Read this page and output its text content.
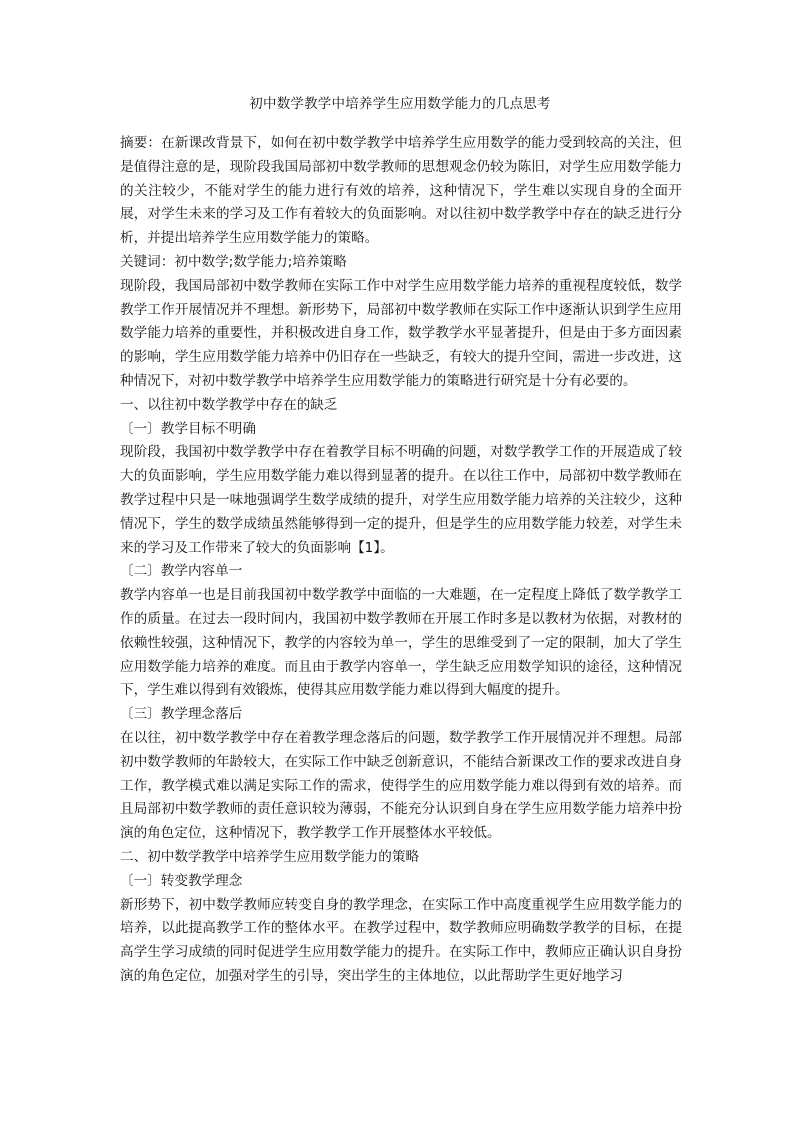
初中数学教学中培养学生应用数学能力的几点思考

摘要：在新课改背景下，如何在初中数学教学中培养学生应用数学的能力受到较高的关注，但是值得注意的是，现阶段我国局部初中数学教师的思想观念仍较为陈旧，对学生应用数学能力的关注较少，不能对学生的能力进行有效的培养，这种情况下，学生难以实现自身的全面开展，对学生未来的学习及工作有着较大的负面影响。对以往初中数学教学中存在的缺乏进行分析，并提出培养学生应用数学能力的策略。

关键词：初中数学;数学能力;培养策略

现阶段，我国局部初中数学教师在实际工作中对学生应用数学能力培养的重视程度较低，数学教学工作开展情况并不理想。新形势下，局部初中数学教师在实际工作中逐渐认识到学生应用数学能力培养的重要性，并积极改进自身工作，数学教学水平显著提升，但是由于多方面因素的影响，学生应用数学能力培养中仍旧存在一些缺乏，有较大的提升空间，需进一步改进，这种情况下，对初中数学教学中培养学生应用数学能力的策略进行研究是十分有必要的。

一、以往初中数学教学中存在的缺乏

〔一〕教学目标不明确

现阶段，我国初中数学教学中存在着教学目标不明确的问题，对数学教学工作的开展造成了较大的负面影响，学生应用数学能力难以得到显著的提升。在以往工作中，局部初中数学教师在教学过程中只是一味地强调学生数学成绩的提升，对学生应用数学能力培养的关注较少，这种情况下，学生的数学成绩虽然能够得到一定的提升，但是学生的应用数学能力较差，对学生未来的学习及工作带来了较大的负面影响【1】。

〔二〕教学内容单一

教学内容单一也是目前我国初中数学教学中面临的一大难题，在一定程度上降低了数学教学工作的质量。在过去一段时间内，我国初中数学教师在开展工作时多是以教材为依据，对教材的依赖性较强，这种情况下，教学的内容较为单一，学生的思维受到了一定的限制，加大了学生应用数学能力培养的难度。而且由于教学内容单一，学生缺乏应用数学知识的途径，这种情况下，学生难以得到有效锻炼，使得其应用数学能力难以得到大幅度的提升。

〔三〕教学理念落后

在以往，初中数学教学中存在着教学理念落后的问题，数学教学工作开展情况并不理想。局部初中数学教师的年龄较大，在实际工作中缺乏创新意识，不能结合新课改工作的要求改进自身工作，教学模式难以满足实际工作的需求，使得学生的应用数学能力难以得到有效的培养。而且局部初中数学教师的责任意识较为薄弱，不能充分认识到自身在学生应用数学能力培养中扮演的角色定位，这种情况下，教学教学工作开展整体水平较低。

二、初中数学教学中培养学生应用数学能力的策略

〔一〕转变教学理念

新形势下，初中数学教师应转变自身的教学理念，在实际工作中高度重视学生应用数学能力的培养，以此提高教学工作的整体水平。在教学过程中，数学教师应明确数学教学的目标，在提高学生学习成绩的同时促进学生应用数学能力的提升。在实际工作中，教师应正确认识自身扮演的角色定位，加强对学生的引导，突出学生的主体地位，以此帮助学生更好地学习
